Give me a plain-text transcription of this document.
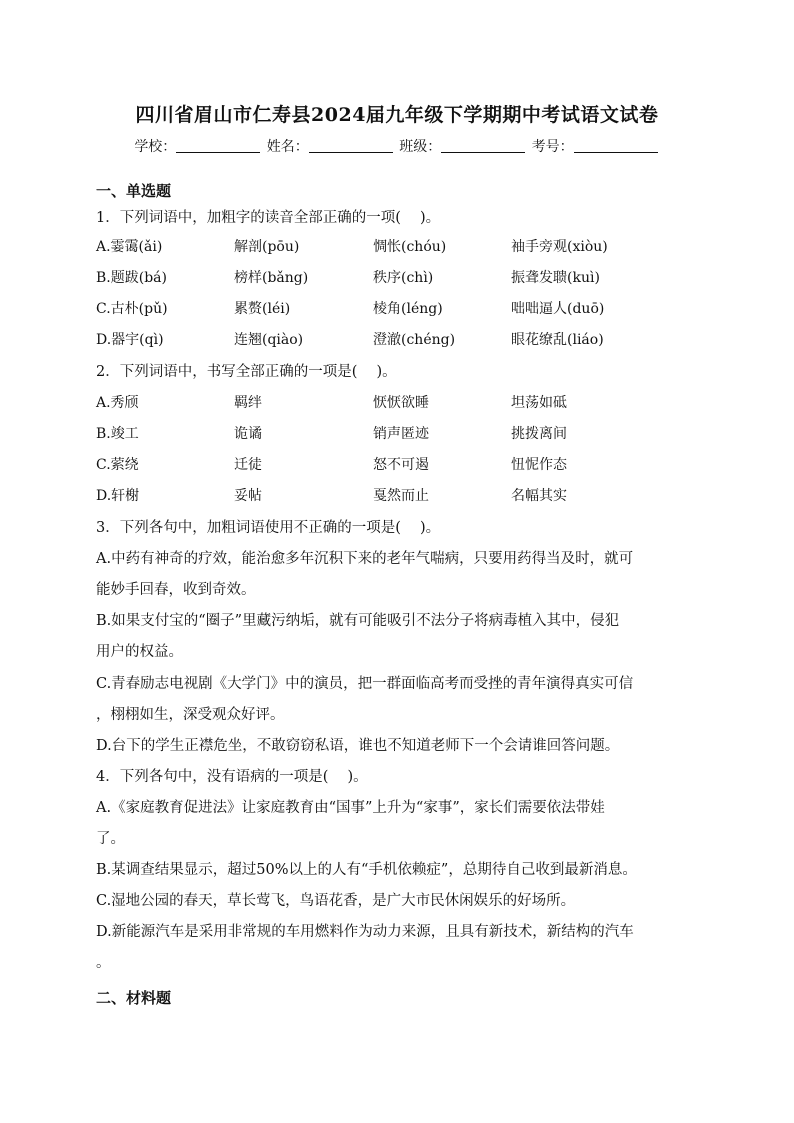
四川省眉山市仁寿县2024届九年级下学期期中考试语文试卷
学校：	姓名：	班级：	考号：
一、单选题
1．下列词语中，加粗字的读音全部正确的一项(　 )。
A.霎霭(ǎi)	解剖(pōu)	惆怅(chóu)	袖手旁观(xiòu)
B.题跋(bá)	榜样(bǎng)	秩序(chì)	振聋发聩(kuì)
C.古朴(pǔ)	累赘(léi)	棱角(léng)	咄咄逼人(duō)
D.器宇(qì)	连翘(qiào)	澄澈(chéng)	眼花缭乱(liáo)
2．下列词语中，书写全部正确的一项是(　 )。
A.秀颀	羁绊	恹恹欲睡	坦荡如砥
B.竣工	诡谲	销声匿迹	挑拨离间
C.萦绕	迁徒	怒不可遏	忸怩作态
D.轩榭	妥帖	戛然而止	名幅其实
3．下列各句中，加粗词语使用不正确的一项是(　 )。
A.中药有神奇的疗效，能治愈多年沉积下来的老年气喘病，只要用药得当及时，就可
能妙手回春，收到奇效。
B.如果支付宝的“圈子”里藏污纳垢，就有可能吸引不法分子将病毒植入其中，侵犯
用户的权益。
C.青春励志电视剧《大学门》中的演员，把一群面临高考而受挫的青年演得真实可信
，栩栩如生，深受观众好评。
D.台下的学生正襟危坐，不敢窃窃私语，谁也不知道老师下一个会请谁回答问题。
4．下列各句中，没有语病的一项是(　 )。
A.《家庭教育促进法》让家庭教育由“国事”上升为“家事”，家长们需要依法带娃
了。
B.某调查结果显示，超过50%以上的人有“手机依赖症”，总期待自己收到最新消息。
C.湿地公园的春天，草长莺飞，鸟语花香，是广大市民休闲娱乐的好场所。
D.新能源汽车是采用非常规的车用燃料作为动力来源，且具有新技术，新结构的汽车
。
二、材料题
